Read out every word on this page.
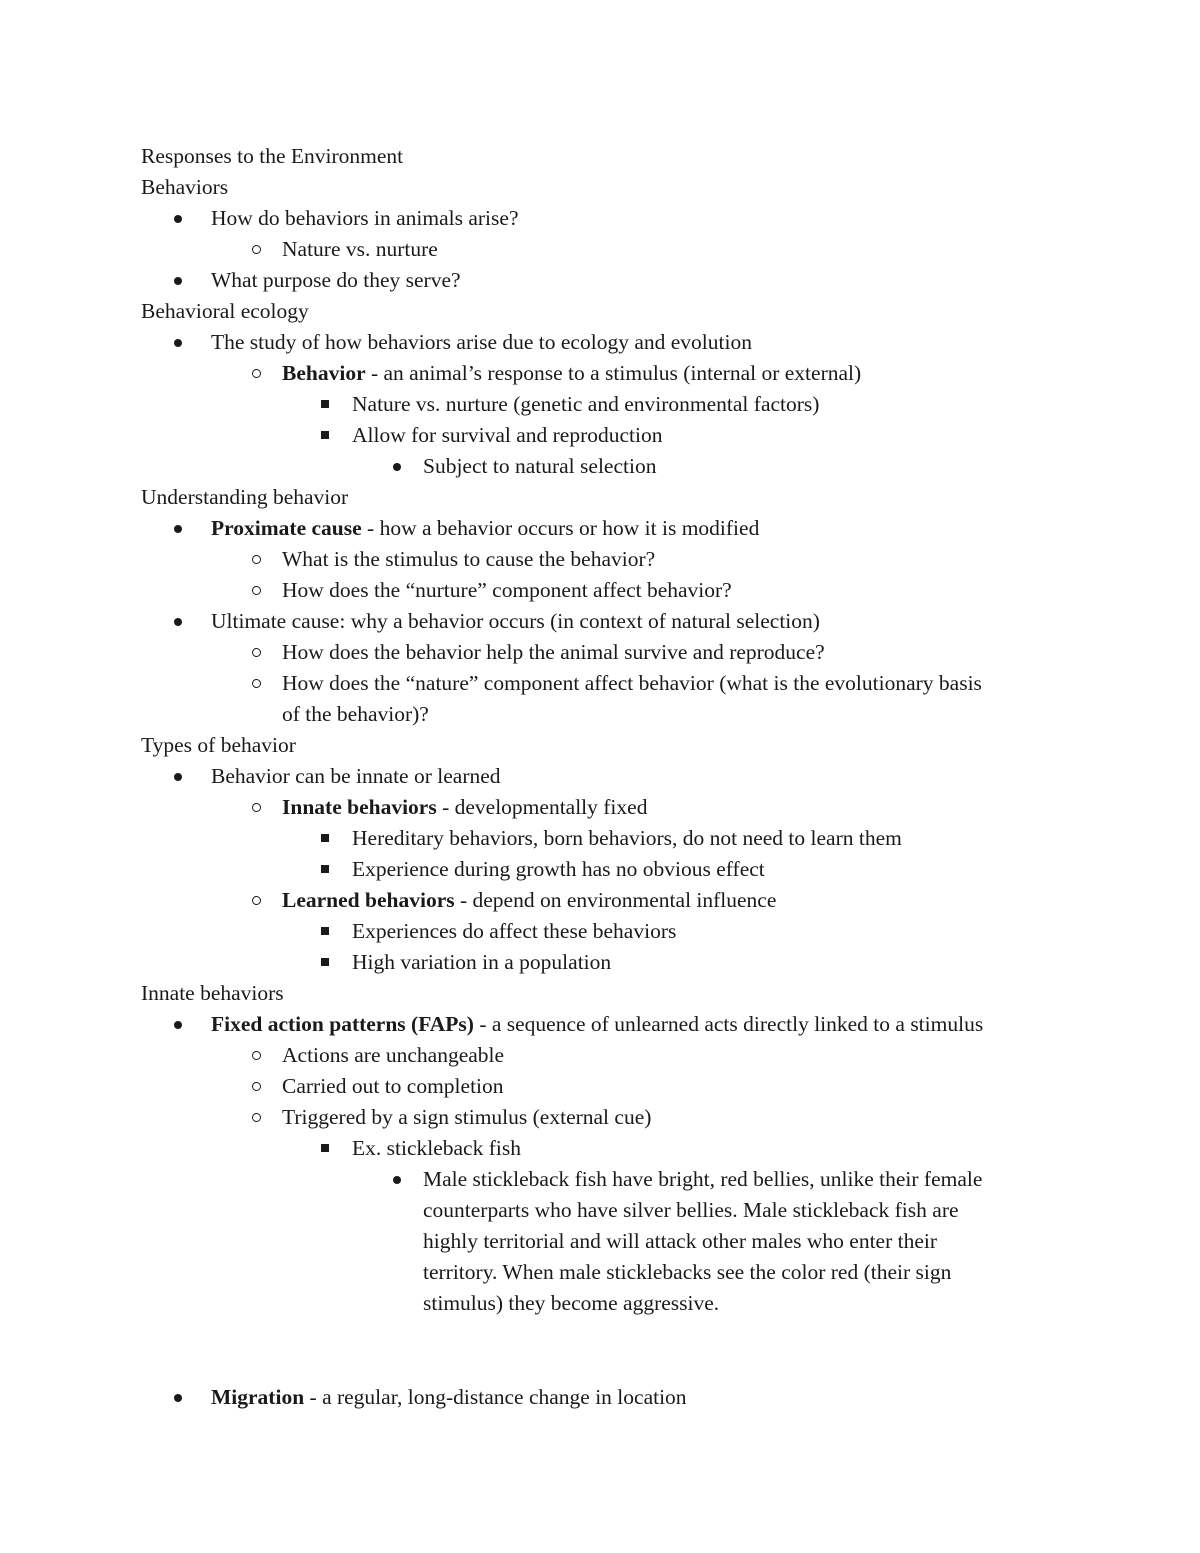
Responses to the Environment

Behaviors

How do behaviors in animals arise?

Nature vs. nurture

What purpose do they serve?

Behavioral ecology

The study of how behaviors arise due to ecology and evolution

Behavior - an animal’s response to a stimulus (internal or external)

Nature vs. nurture (genetic and environmental factors)

Allow for survival and reproduction

Subject to natural selection

Understanding behavior

Proximate cause - how a behavior occurs or how it is modified

What is the stimulus to cause the behavior?

How does the “nurture” component affect behavior?

Ultimate cause: why a behavior occurs (in context of natural selection)

How does the behavior help the animal survive and reproduce?

How does the “nature” component affect behavior (what is the evolutionary basis

of the behavior)?

Types of behavior

Behavior can be innate or learned

Innate behaviors - developmentally fixed

Hereditary behaviors, born behaviors, do not need to learn them

Experience during growth has no obvious effect

Learned behaviors - depend on environmental influence

Experiences do affect these behaviors

High variation in a population

Innate behaviors

Fixed action patterns (FAPs) - a sequence of unlearned acts directly linked to a stimulus

Actions are unchangeable

Carried out to completion

Triggered by a sign stimulus (external cue)

Ex. stickleback fish

Male stickleback fish have bright, red bellies, unlike their female

counterparts who have silver bellies. Male stickleback fish are

highly territorial and will attack other males who enter their

territory. When male sticklebacks see the color red (their sign

stimulus) they become aggressive.

Migration - a regular, long-distance change in location
